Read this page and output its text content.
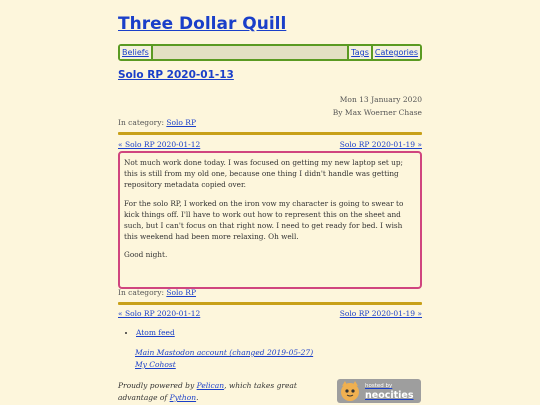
Three Dollar Quill
Beliefs	Tags Categories
Solo RP 2020-01-13
Mon 13 January 2020
By Max Woerner Chase
In category: Solo RP
« Solo RP 2020-01-12	Solo RP 2020-01-19 »

Not much work done today. I was focused on getting my new laptop set up; this is still from my old one, because one thing I didn't handle was getting repository metadata copied over.

For the solo RP, I worked on the iron vow my character is going to swear to kick things off. I'll have to work out how to represent this on the sheet and such, but I can't focus on that right now. I need to get ready for bed. I wish this weekend had been more relaxing. Oh well.

Good night.

In category: Solo RP
« Solo RP 2020-01-12	Solo RP 2020-01-19 »
• Atom feed
Main Mastodon account (changed 2019-05-27)
My Cohost
Proudly powered by Pelican, which takes great advantage of Python.
hosted by
neocities
